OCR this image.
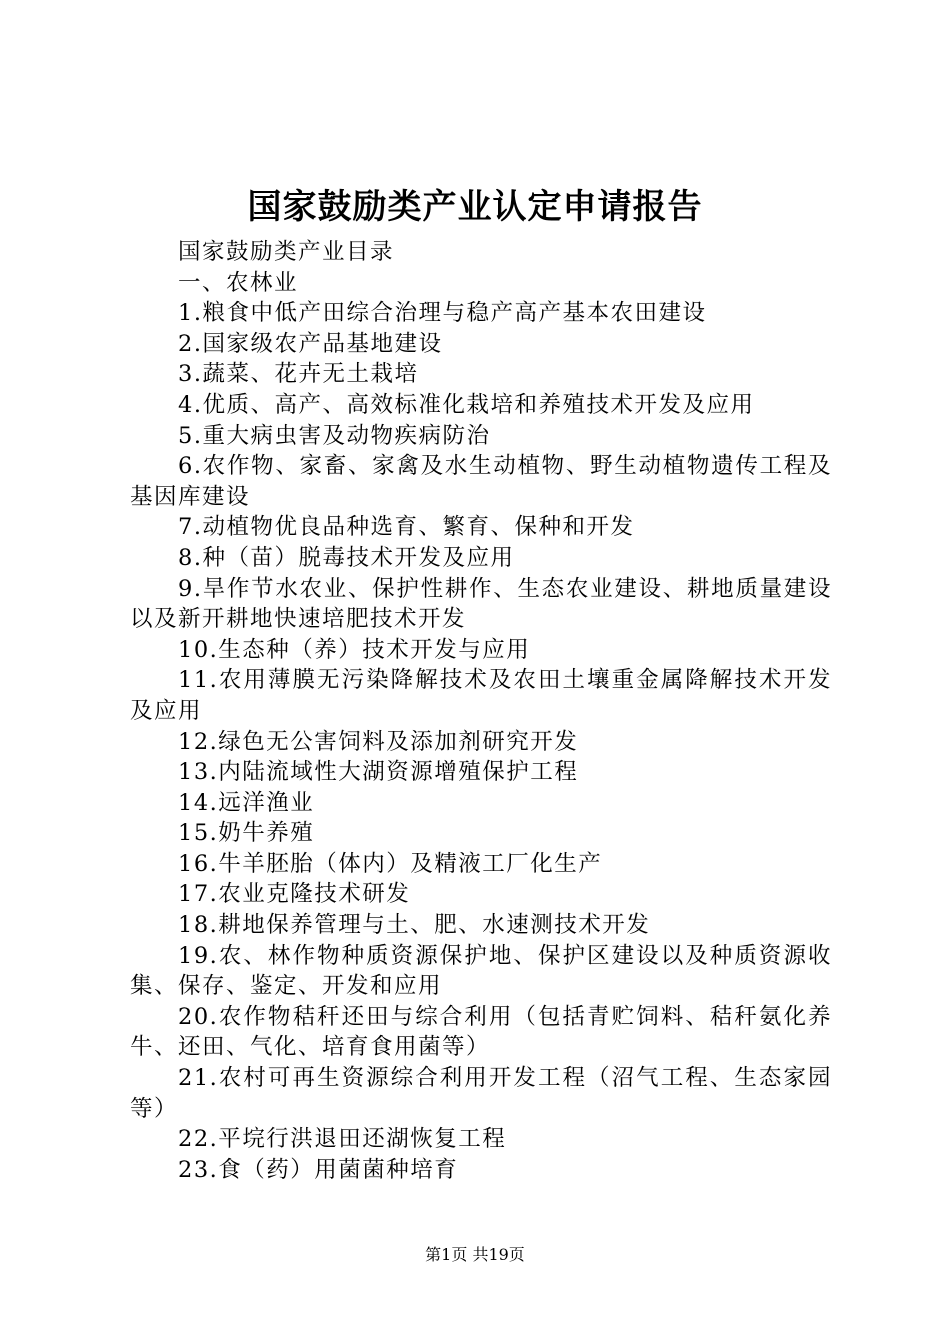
国家鼓励类产业认定申请报告

国家鼓励类产业目录

一、农林业

1.粮食中低产田综合治理与稳产高产基本农田建设

2.国家级农产品基地建设

3.蔬菜、花卉无土栽培

4.优质、高产、高效标准化栽培和养殖技术开发及应用

5.重大病虫害及动物疾病防治

6.农作物、家畜、家禽及水生动植物、野生动植物遗传工程及基因库建设

7.动植物优良品种选育、繁育、保种和开发

8.种（苗）脱毒技术开发及应用

9.旱作节水农业、保护性耕作、生态农业建设、耕地质量建设以及新开耕地快速培肥技术开发

10.生态种（养）技术开发与应用

11.农用薄膜无污染降解技术及农田土壤重金属降解技术开发及应用

12.绿色无公害饲料及添加剂研究开发

13.内陆流域性大湖资源增殖保护工程

14.远洋渔业

15.奶牛养殖

16.牛羊胚胎（体内）及精液工厂化生产

17.农业克隆技术研发

18.耕地保养管理与土、肥、水速测技术开发

19.农、林作物种质资源保护地、保护区建设以及种质资源收集、保存、鉴定、开发和应用

20.农作物秸秆还田与综合利用（包括青贮饲料、秸秆氨化养牛、还田、气化、培育食用菌等）

21.农村可再生资源综合利用开发工程（沼气工程、生态家园等）

22.平垸行洪退田还湖恢复工程

23.食（药）用菌菌种培育

第1页 共19页
